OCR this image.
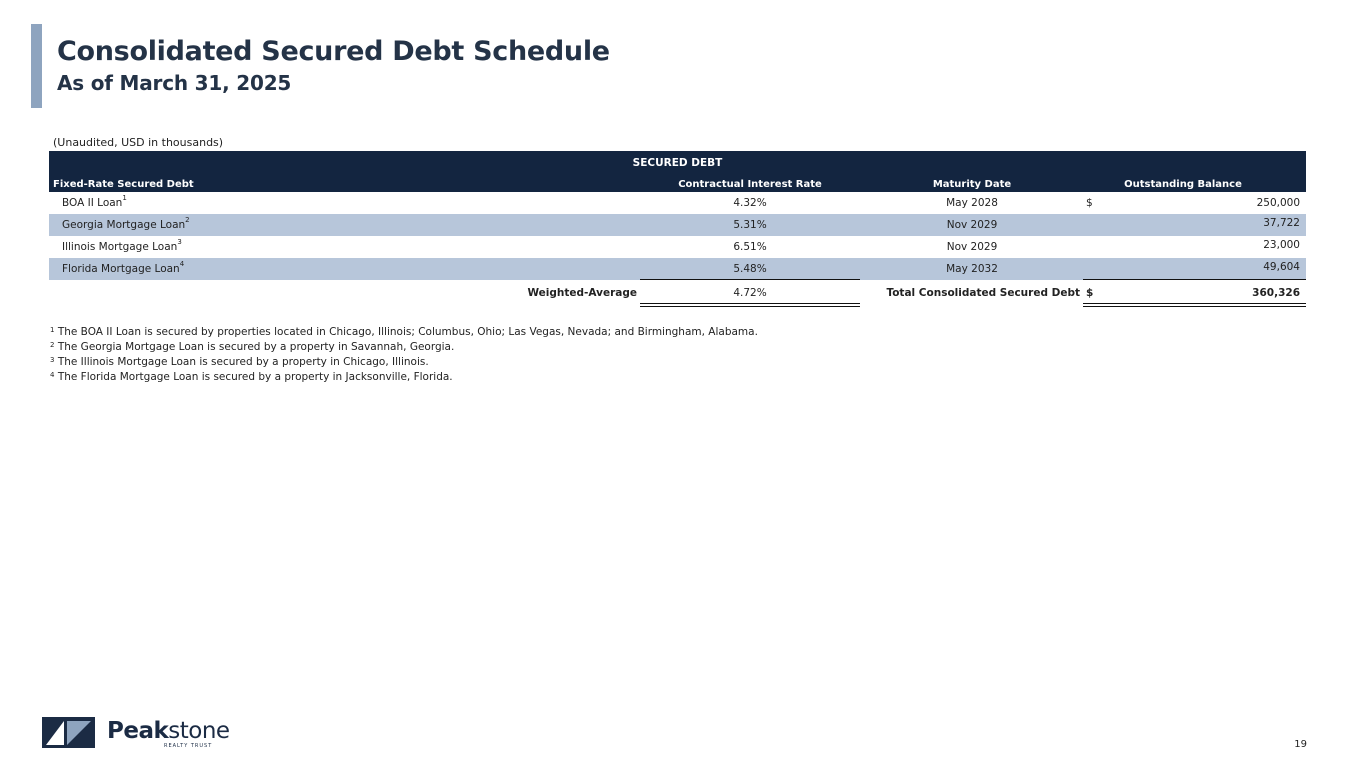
Consolidated Secured Debt Schedule
As of March 31, 2025
(Unaudited, USD in thousands)
SECURED DEBT
Fixed-Rate Secured Debt	Contractual Interest Rate	Maturity Date	Outstanding Balance
BOA II Loan$^1$	4.32%	May 2028	$	250,000
Georgia Mortgage Loan$^2$	5.31%	Nov 2029	37,722
Illinois Mortgage Loan$^3$	6.51%	Nov 2029	23,000
Florida Mortgage Loan$^4$	5.48%	May 2032	49,604
Weighted-Average	4.72%	Total Consolidated Secured Debt $	360,326
$^1$ The BOA II Loan is secured by properties located in Chicago, Illinois; Columbus, Ohio; Las Vegas, Nevada; and Birmingham, Alabama.
$^2$ The Georgia Mortgage Loan is secured by a property in Savannah, Georgia.
$^3$ The Illinois Mortgage Loan is secured by a property in Chicago, Illinois.
$^4$ The Florida Mortgage Loan is secured by a property in Jacksonville, Florida.
Peakstone
REALTY TRUST	19
